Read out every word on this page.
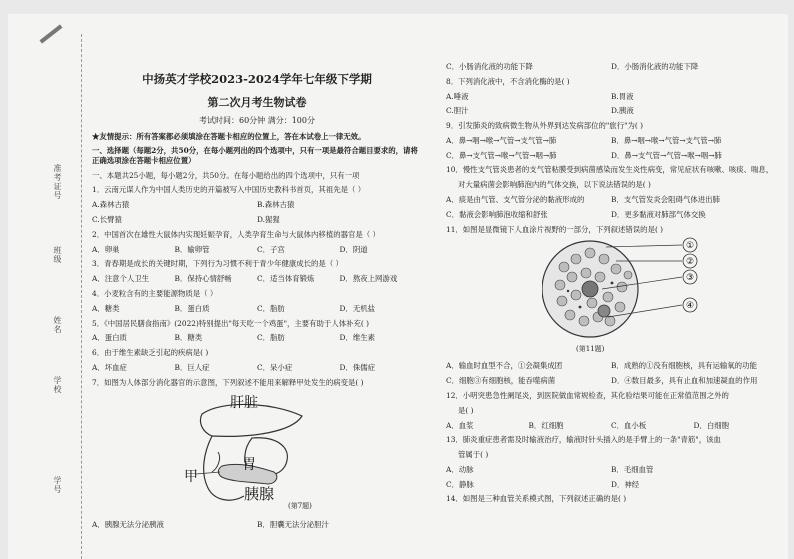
准考证号
班级
姓名
学校
学号
中扬英才学校2023-2024学年七年级下学期
第二次月考生物试卷
考试时间：60分钟 满分：100分
★友情提示：所有答案都必须填涂在答题卡相应的位置上，答在本试卷上一律无效。
一、选择题（每题2分，共50分，在每小题列出的四个选项中，只有一项是最符合题目要求的，请将正确选项涂在答题卡相应位置）
一、本题共25小题，每小题2分，共50分。在每小题给出的四个选项中，只有一项
1．云南元谋人作为中国人类历史的开篇被写入中国历史教科书首页，其祖先是（ ）
A.森林古猿	B.森林古猿
C.长臂猿	D.猩猩
2．中国首次在雄性大鼠体内实现妊娠孕育，人类孕育生命与大鼠体内移植的器官是（ ）
A．卵巢	B．输卵管	C．子宫	D．阴道
3．青春期是成长的关键时期，下列行为习惯不利于青少年健康成长的是（ ）
A．注意个人卫生	B．保持心情舒畅	C．适当体育锻炼	D．熬夜上网游戏
4．小麦粒含有的主要能源物质是（ ）
A．糖类	B．蛋白质	C．脂肪	D．无机盐
5．《中国居民膳食指南》(2022)特别提出"每天吃一个鸡蛋"，主要有助于人体补充( )
A．蛋白质	B．糖类	C．脂肪	D．维生素
6．由于维生素缺乏引起的疾病是( )
A．坏血症	B．巨人症	C．呆小症	D．侏儒症
7．如图为人体部分消化器官的示意图，下列叙述不能用来解释甲处发生的病变是( )
肝脏
甲
胃
胰腺
(第7题)
A．胰腺无法分泌胰液	B．胆囊无法分泌胆汁
C．小肠消化液的功能下降	D．小肠消化液的功能下降
8．下列消化液中，不含消化酶的是( )
A.唾液	B.胃液
C.胆汁	D.胰液
9．引发肺炎的致病微生物从外界到达发病部位的"旅行"为( )
A．鼻→咽→喉→气管→支气管→肺	B．鼻→咽→喉→气管→支气管→肺
C．鼻→支气管→喉→气管→咽→肺	D．鼻→支气管→气管→喉→咽→肺
10．慢性支气管炎患者的支气管粘膜受到病菌感染而发生炎性病变，常见症状有咳嗽、咳痰、喘息，
对大量病菌会影响肺泡内的气体交换，以下说法错误的是( )
A．痰是由气管、支气管分泌的黏液形成的	B．支气管发炎会阻碍气体进出肺
C．黏液会影响肺泡收缩和舒张	D．更多黏液对肺部气体交换
11．如图是显微镜下人血涂片视野的一部分，下列叙述错误的是( )
①
②
③
④
(第11题)
A．输血时血型不合，①会凝集成团	B．成熟的①没有细胞核，具有运输氧的功能
C．细胞③有细胞核，能吞噬病菌	D．④数目最多，具有止血和加速凝血的作用
12．小明突患急性阑尾炎，到医院做血常规检查，其化验结果可能在正常值范围之外的
是( )
A．血浆	B．红细胞	C．血小板	D．白细胞
13．肺炎重症患者需及时输液治疗，输液时针头插入的是手臂上的一条"青筋"，该血
管属于( )
A．动脉	B．毛细血管
C．静脉	D．神经
14．如图是三种血管关系模式图，下列叙述正确的是( )
